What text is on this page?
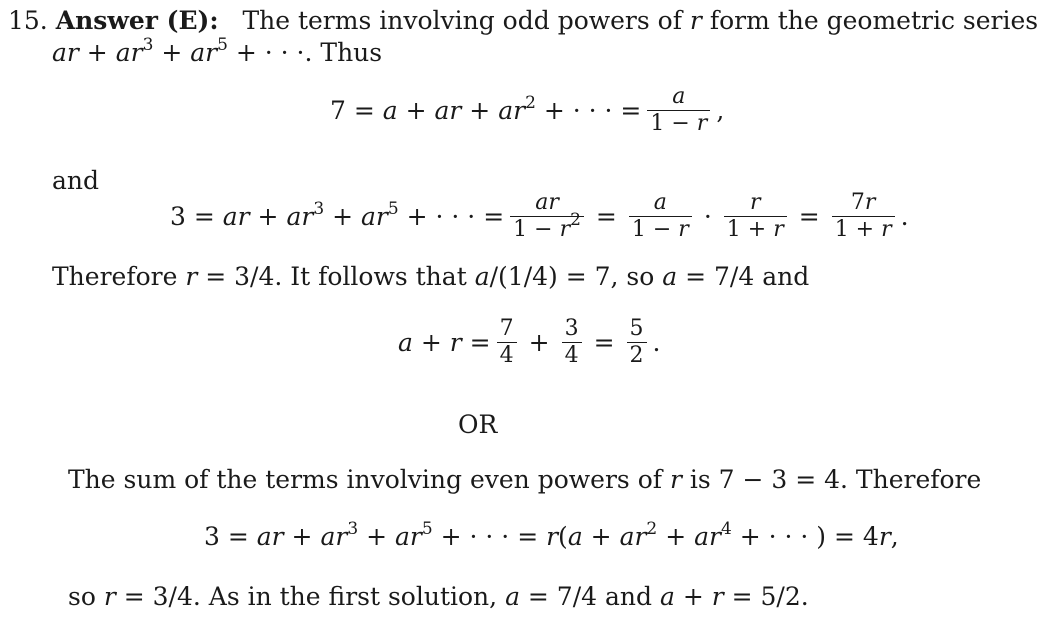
15. Answer (E): The terms involving odd powers of r form the geometric series
ar + $ar^3 + ar^5$ + · · ·. Thus
7 = a + ar + $ar^2$ + · · · = $\frac{a}{1 - r}$ ,
and
3 = ar + $ar^3 + ar^5$ + · · · = $\frac{ar}{1 - r^2} = \frac{a}{1 - r} \cdot \frac{r}{1 + r} = \frac{7r}{1 + r}$ .
Therefore r = 3/4. It follows that a/(1/4) = 7, so a = 7/4 and
$a + r = \frac{7}{4} + \frac{3}{4} = \frac{5}{2}$ .
OR
The sum of the terms involving even powers of r is 7 − 3 = 4. Therefore
3 = ar + $ar^3 + ar^5$ + · · · = $r(a + ar^2 + ar^4$ + · · · ) = 4r,
so r = 3/4. As in the first solution, a = 7/4 and a + r = 5/2.
